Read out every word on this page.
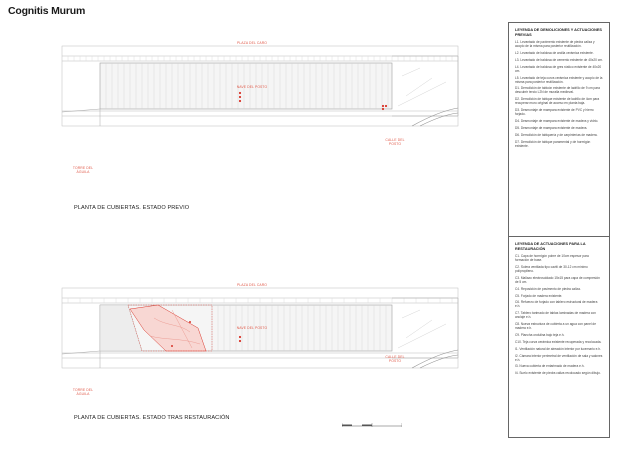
Cognitis Murum
PLAZA DEL CARO
NAVE DEL POSTO
CALLE DEL POSTO
TORRE DEL ÁGUILA
PLANTA DE CUBIERTAS. ESTADO PREVIO
PLAZA DEL CARO
NAVE DEL POSTO
CALLE DEL POSTO
TORRE DEL ÁGUILA
PLANTA DE CUBIERTAS. ESTADO TRAS RESTAURACIÓN
LEYENDA DE DEMOLICIONES Y ACTUACIONES PREVIAS
L1. Levantado de pavimento existente de piedra caliza y acopio de la misma para posterior reutilización.
L2. Levantado de baldosa de arcilla cerámica existente.
L3. Levantado de baldosa de cemento existente de 40x20 cm.
L4. Levantado de baldosa de gres rústico existente de 40x20 cm.
L5. Levantado de teja curva cerámica existente y acopio de la misma para posterior reutilización.
D1. Demolición de tabicón existente de ladrillo de 9 cm para descubrir tercio L2N de muralla medieval.
D2. Demolición de tabique existente de ladrillo de 4cm para recuperar muro original de acceso en planta baja.
D3. Desmontaje de mampara existente de PVC y hierro forjado.
D4. Desmontaje de mampara existente de madera y vidrio.
D5. Desmontaje de mampara existente de madera.
D6. Demolición de tabiquería y de carpinterías de madera.
D7. Demolición de tabique paramental y de hormigón existente.
LEYENDA DE ACTUACIONES PARA LA RESTAURACIÓN
C1. Capa de hormigón pobre de 10cm espesor para formación de base.
C2. Solera ventilada tipo caviti de 30-12 cm mínimo polipropileno.
C3. Mallazo electrosoldado 15x15 para capa de compresión de 5 cm.
C4. Reposición de pavimento de piedra caliza.
C5. Forjado de madera existente.
C6. Refuerzo de forjado con tablero estructural de madera e.h.
C7. Tablero tarimado de tablas laminadas de madera con anclaje e.h.
C8. Nueva estructura de cubierta a un agua con panel de madera e.h.
C9. Plancha ondulina bajo teja e.h.
C10. Teja curva cerámica existente recuperada y recolocada.
I1. Ventilación natural de aireación interior por lucernario e.h.
I2. Cámara interior perimetral de ventilación de sala y salones e.h.
I3. Nueva cubierta de entarimado de madera e.h.
I4. Suelo existente de piedra caliza recolocado según dibujo.
